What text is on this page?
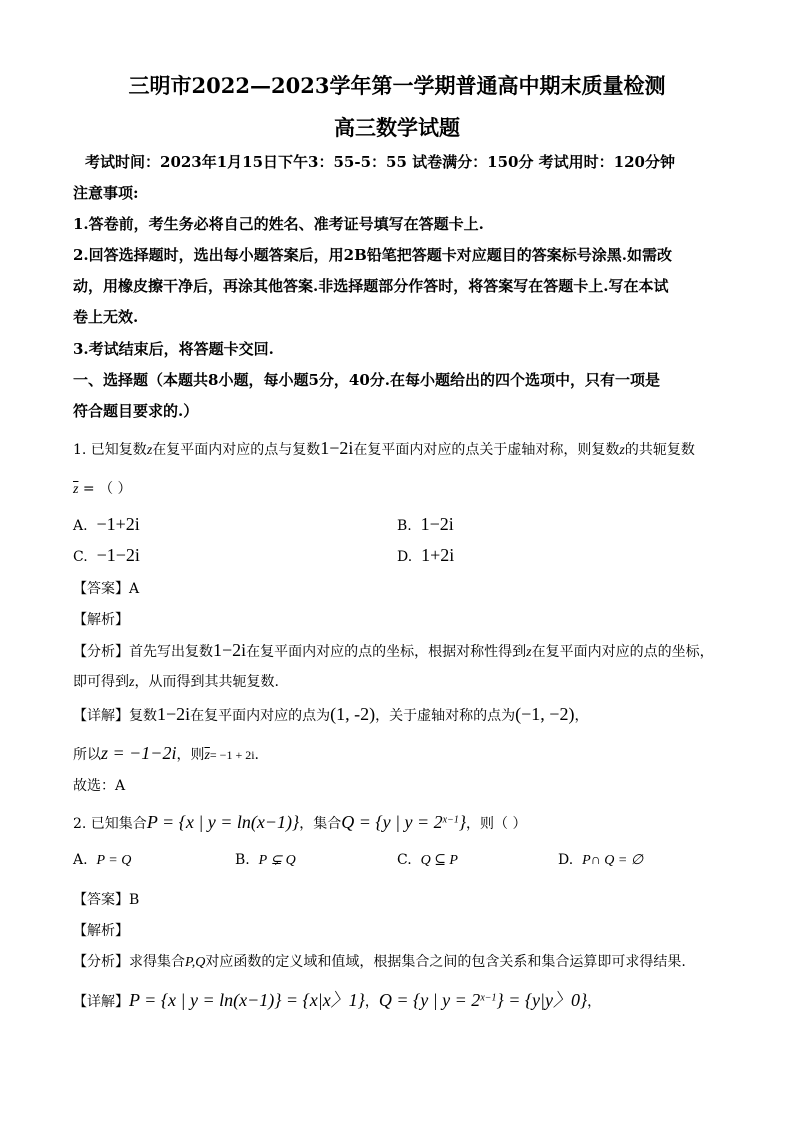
三明市2022—2023学年第一学期普通高中期末质量检测
高三数学试题
考试时间：2023年1月15日下午3：55-5：55 试卷满分：150分 考试用时：120分钟
注意事项:
1.答卷前，考生务必将自己的姓名、准考证号填写在答题卡上.
2.回答选择题时，选出每小题答案后，用2B铅笔把答题卡对应题目的答案标号涂黑.如需改
动，用橡皮擦干净后，再涂其他答案.非选择题部分作答时，将答案写在答题卡上.写在本试
卷上无效.
3.考试结束后，将答题卡交回.
一、选择题（本题共8小题，每小题5分，40分.在每小题给出的四个选项中，只有一项是
符合题目要求的.）
1. 已知复数z在复平面内对应的点与复数1−2i在复平面内对应的点关于虚轴对称，则复数z的共轭复数
$\overline{z}$ = （ ）
A. −1+2i	B. 1−2i
C. −1−2i	D. 1+2i
【答案】A
【解析】
【分析】首先写出复数1−2i在复平面内对应的点的坐标，根据对称性得到z在复平面内对应的点的坐标，
即可得到z，从而得到其共轭复数.
【详解】复数1−2i在复平面内对应的点为(1, -2)，关于虚轴对称的点为(−1, −2)，
所以z = −1−2i，则$\overline{z}= -1 + 2i$.
故选：A
2. 已知集合P = {x | y = ln(x−1)}，集合Q = {y | $y = 2^{x-1}$}，则（ ）
A. P = Q	B. P ⊊ Q	C. Q ⊆ P	D. P∩ Q = ∅
【答案】B
【解析】
【分析】求得集合P,Q对应函数的定义域和值域，根据集合之间的包含关系和集合运算即可求得结果.
【详解】P = {x | y = ln(x−1)} = {x|x〉1}，Q = {y | $y = 2^{x-1}\} = \{y|y$〉0}，
